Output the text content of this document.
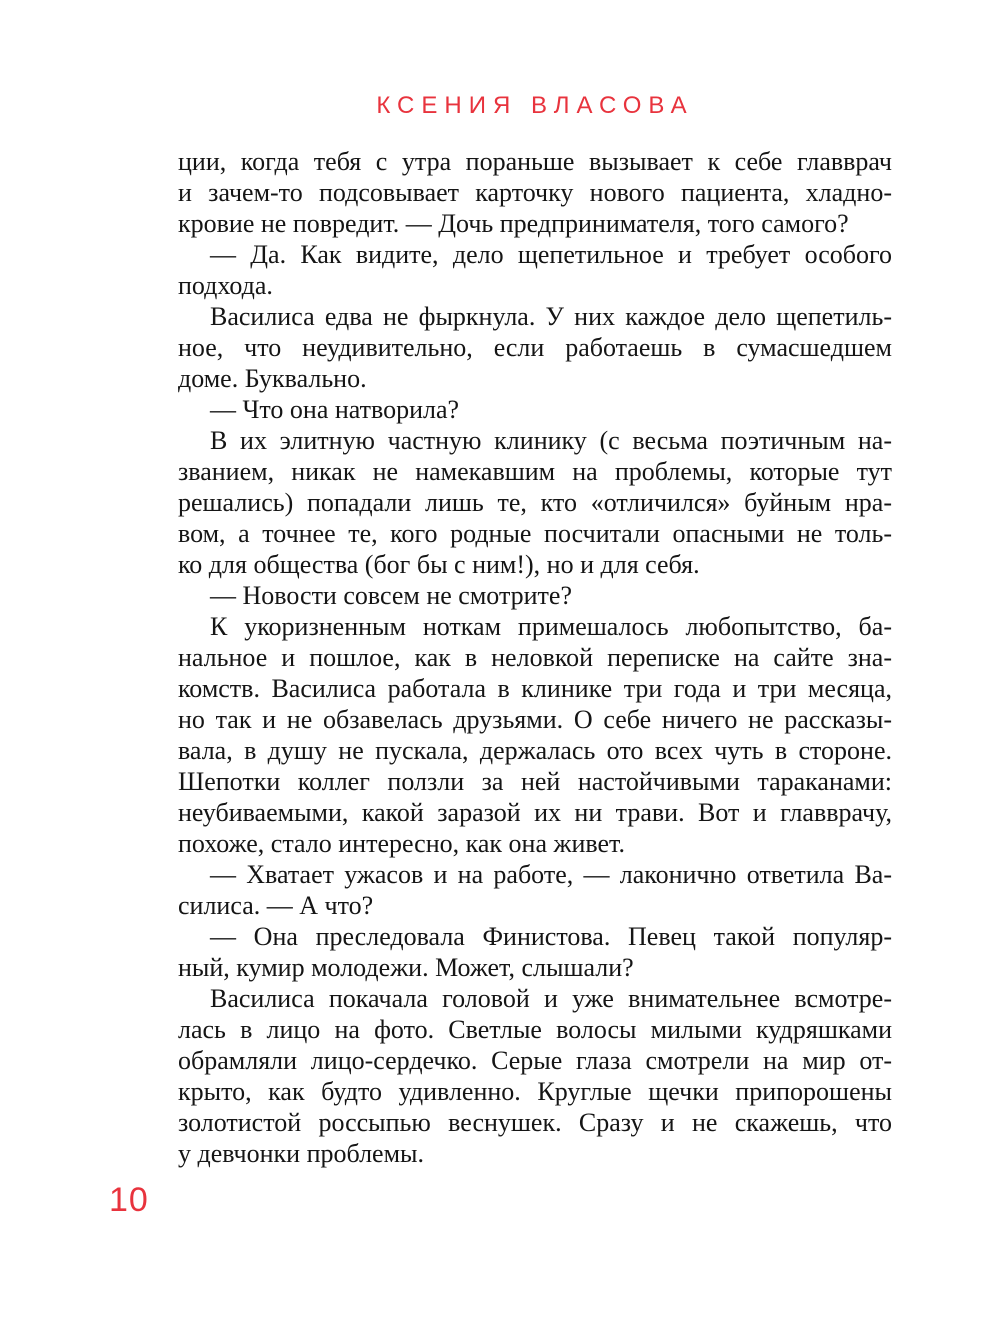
КСЕНИЯ ВЛАСОВА
ции, когда тебя с утра пораньше вызывает к себе главврач
и зачем-то подсовывает карточку нового пациента, хладно-
кровие не повредит. — Дочь предпринимателя, того самого?
— Да. Как видите, дело щепетильное и требует особого
подхода.
Василиса едва не фыркнула. У них каждое дело щепетиль-
ное, что неудивительно, если работаешь в сумасшедшем
доме. Буквально.
— Что она натворила?
В их элитную частную клинику (с весьма поэтичным на-
званием, никак не намекавшим на проблемы, которые тут
решались) попадали лишь те, кто «отличился» буйным нра-
вом, а точнее те, кого родные посчитали опасными не толь-
ко для общества (бог бы с ним!), но и для себя.
— Новости совсем не смотрите?
К укоризненным ноткам примешалось любопытство, ба-
нальное и пошлое, как в неловкой переписке на сайте зна-
комств. Василиса работала в клинике три года и три месяца,
но так и не обзавелась друзьями. О себе ничего не рассказы-
вала, в душу не пускала, держалась ото всех чуть в стороне.
Шепотки коллег ползли за ней настойчивыми тараканами:
неубиваемыми, какой заразой их ни трави. Вот и главврачу,
похоже, стало интересно, как она живет.
— Хватает ужасов и на работе, — лаконично ответила Ва-
силиса. — А что?
— Она преследовала Финистова. Певец такой популяр-
ный, кумир молодежи. Может, слышали?
Василиса покачала головой и уже внимательнее всмотре-
лась в лицо на фото. Светлые волосы милыми кудряшками
обрамляли лицо-сердечко. Серые глаза смотрели на мир от-
крыто, как будто удивленно. Круглые щечки припорошены
золотистой россыпью веснушек. Сразу и не скажешь, что
у девчонки проблемы.
10
